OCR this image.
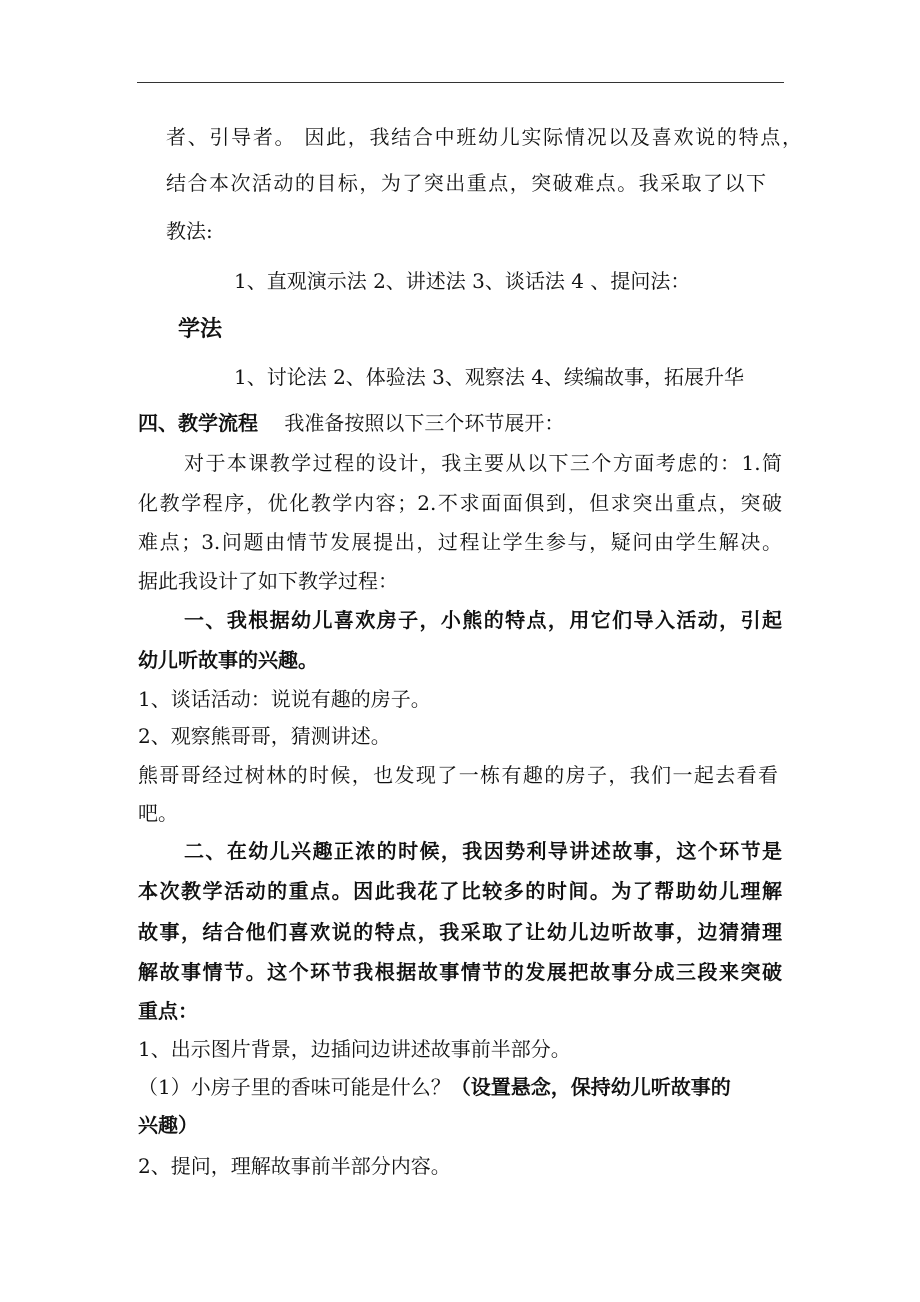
者、引导者。 因此，我结合中班幼儿实际情况以及喜欢说的特点，
结合本次活动的目标，为了突出重点，突破难点。我采取了以下
教法:
1、直观演示法 2、讲述法 3、谈话法 4 、提问法：
学法
1、讨论法 2、体验法 3、观察法 4、续编故事，拓展升华
四、教学流程 我准备按照以下三个环节展开：
对于本课教学过程的设计，我主要从以下三个方面考虑的：1.简
化教学程序，优化教学内容；2.不求面面俱到，但求突出重点，突破
难点；3.问题由情节发展提出，过程让学生参与，疑问由学生解决。
据此我设计了如下教学过程：
一、我根据幼儿喜欢房子，小熊的特点，用它们导入活动，引起
幼儿听故事的兴趣。
1、谈话活动：说说有趣的房子。
2、观察熊哥哥，猜测讲述。
熊哥哥经过树林的时候，也发现了一栋有趣的房子，我们一起去看看
吧。
二、在幼儿兴趣正浓的时候，我因势利导讲述故事，这个环节是
本次教学活动的重点。因此我花了比较多的时间。为了帮助幼儿理解
故事，结合他们喜欢说的特点，我采取了让幼儿边听故事，边猜猜理
解故事情节。这个环节我根据故事情节的发展把故事分成三段来突破
重点：
1、出示图片背景，边插问边讲述故事前半部分。
（1）小房子里的香味可能是什么？（设置悬念，保持幼儿听故事的
兴趣）
2、提问，理解故事前半部分内容。
